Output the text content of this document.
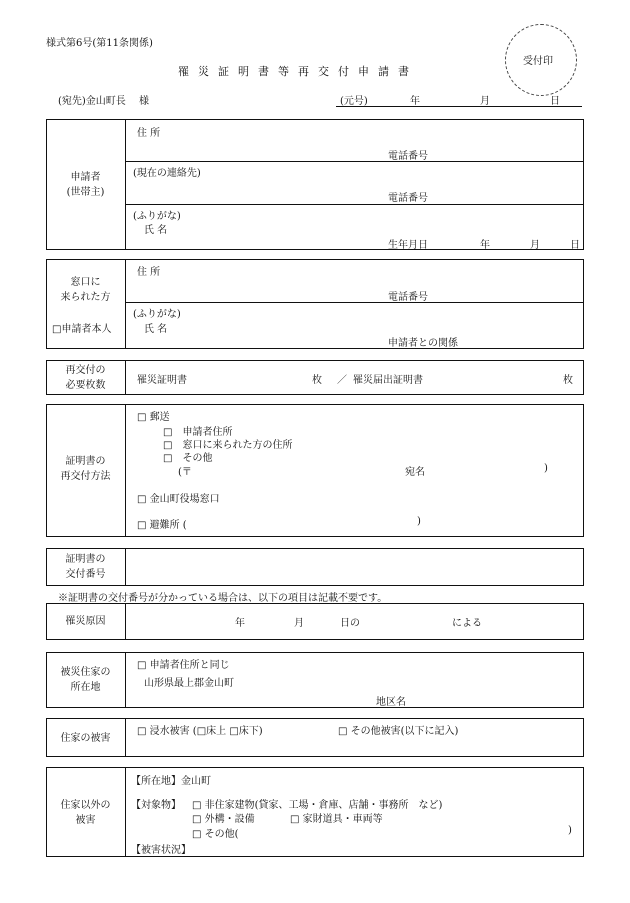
様式第6号(第11条関係)
受付印
罹災証明書等再交付申請書
(宛先)金山町長　 様	(元号)	年	月	日
申請者
(世帯主)
住 所
電話番号
(現在の連絡先)
電話番号
(ふりがな)
氏 名
生年月日	年	月	日
窓口に
来られた方
□申請者本人
住 所
電話番号
(ふりがな)
氏 名
申請者との関係
再交付の
必要枚数	罹災証明書	枚 ／ 罹災届出証明書	枚
証明書の
再交付方法
□ 郵送
□　申請者住所
□　窓口に来られた方の住所
□　その他
(〒	宛名	)
□ 金山町役場窓口
□ 避難所 (	)
証明書の
交付番号
※証明書の交付番号が分かっている場合は、以下の項目は記載不要です。
罹災原因	年	月	日の	による
被災住家の
所在地
□ 申請者住所と同じ
山形県最上郡金山町
地区名
住家の被害
□ 浸水被害 (□床上 □床下)	□ その他被害(以下に記入)
住家以外の
被害
【所在地】金山町
【対象物】 □ 非住家建物(貸家、工場・倉庫、店舗・事務所　など)
□ 外構・設備	□ 家財道具・車両等
□ その他(	)
【被害状況】
